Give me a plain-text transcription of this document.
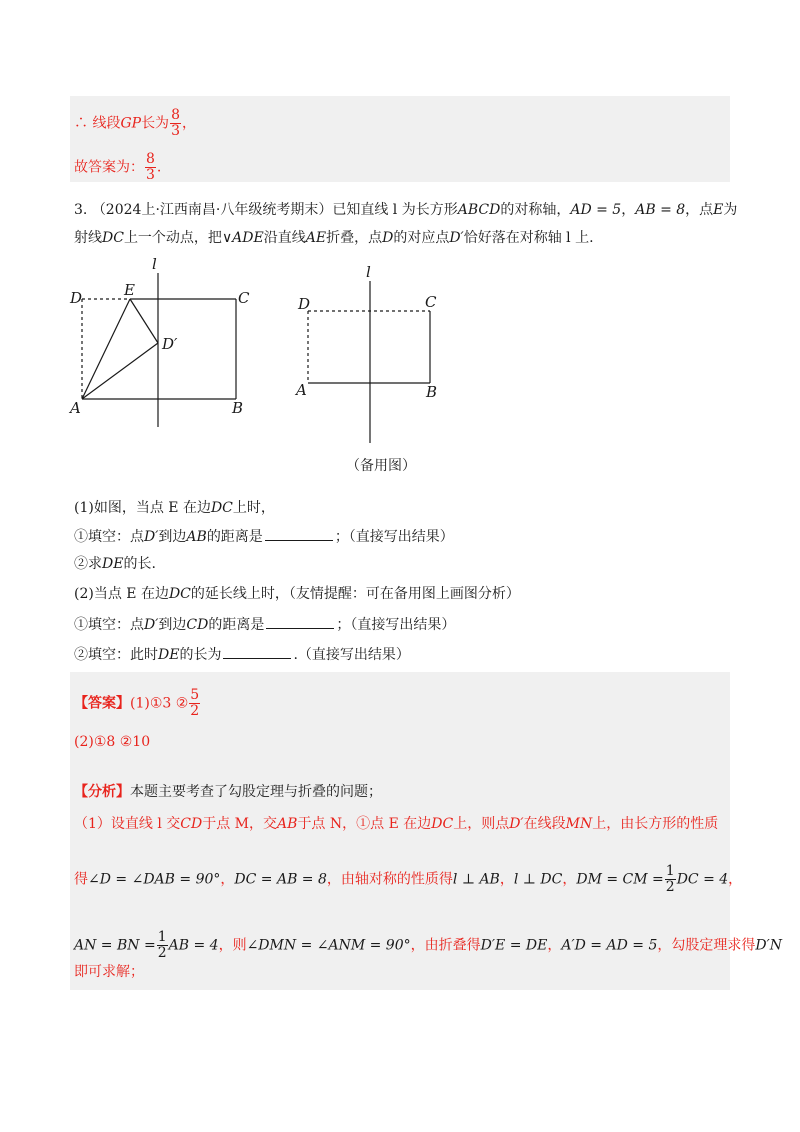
∴ 线段GP长为 $\frac{8}{3}$ ，
故答案为： $\frac{8}{3}$ .
3. （2024上·江西南昌·八年级统考期末）已知直线 l 为长方形ABCD的对称轴，AD = 5，AB = 8，点E为
射线DC上一个动点，把∨ADE沿直线AE折叠，点D的对应点D′恰好落在对称轴 l 上.
l
D	E	C
D′
A	B
l
D	C
A	B
（备用图）
(1)如图，当点 E 在边DC上时，
①填空：点D′到边AB的距离是	；（直接写出结果）
②求DE的长.
(2)当点 E 在边DC的延长线上时，（友情提醒：可在备用图上画图分析）
①填空：点D′到边CD的距离是	；（直接写出结果）
②填空：此时DE的长为	.（直接写出结果）
【答案】(1)①3 ② $\frac{5}{2}$
(2)①8 ②10
【分析】本题主要考查了勾股定理与折叠的问题；
（1）设直线 l 交CD于点 M，交AB于点 N，①点 E 在边DC上，则点D′在线段MN上，由长方形的性质
得∠D = ∠DAB = 90°，DC = AB = 8，由轴对称的性质得l ⊥ AB，l ⊥ DC，DM = CM = $\frac{1}{2}$ DC = 4，
AN = BN = $\frac{1}{2}$ AB = 4，则∠DMN = ∠ANM = 90°，由折叠得D′E = DE，A′D = AD = 5，勾股定理求得D′N
即可求解；
